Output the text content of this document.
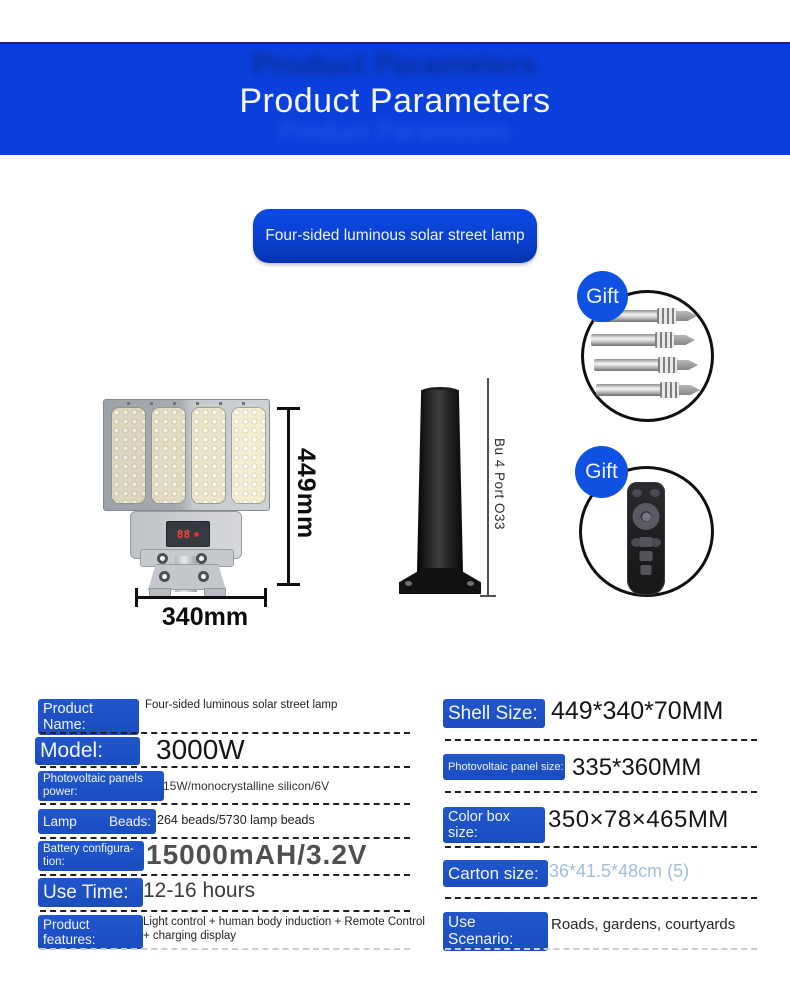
Product Parameters
Product Parameters
Product Parameters
Four-sided luminous solar street lamp
88	449mm
340mm
Bu 4 Port O33
Gift
Gift
Product Name:
Four-sided luminous solar street lamp
Model: 3000W
Photovoltaic panels power:	15W/monocrystalline silicon/6V
Lamp Beads: 264 beads/5730 lamp beads
Battery configura-tion:	15000mAH/3.2V
Use Time: 12-16 hours
Product features:
Light control + human body induction + Remote Control + charging display
Shell Size: 449*340*70MM
Photovoltaic panel size: 335*360MM
Color box size:
350×78×465MM
Carton size: 36*41.5*48cm (5)
Use Scenario:
Roads, gardens, courtyards
